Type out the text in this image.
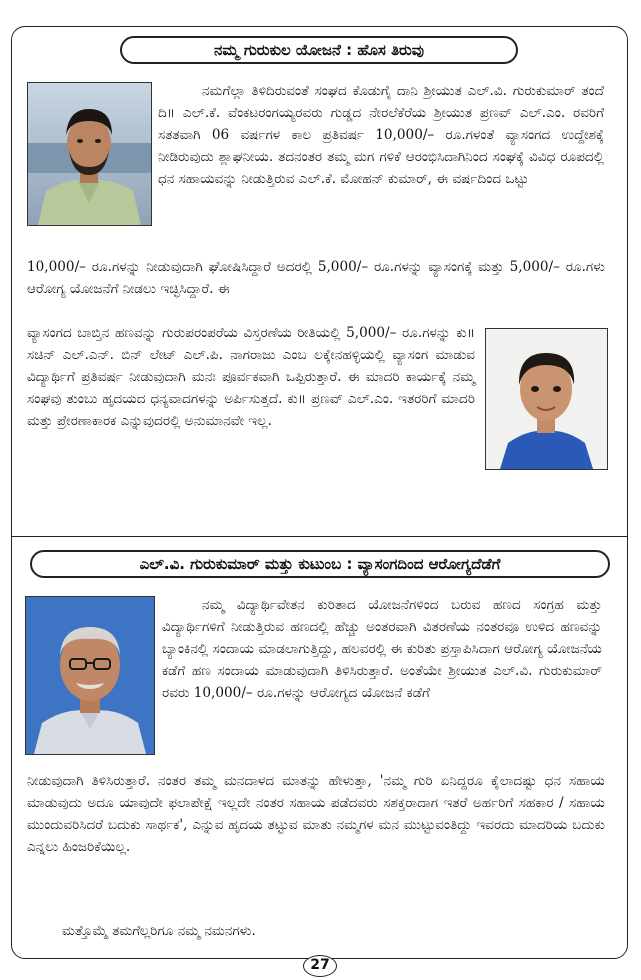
ನಮ್ಮ ಗುರುಕುಲ ಯೋಜನೆ : ಹೊಸ ತಿರುವು

ನಮಗೆಲ್ಲಾ ತಿಳಿದಿರುವಂತೆ ಸಂಘದ ಕೊಡುಗೈ ದಾನಿ ಶ್ರೀಯುತ ಎಲ್.ವಿ. ಗುರುಕುಮಾರ್ ತಂದೆ ದಿ॥ ಎಲ್.ಕೆ. ವೆಂಕಟರಂಗಯ್ಯರವರು ಗುಡ್ಡದ ನೇರಲೆಕೆರೆಯ ಶ್ರೀಯುತ ಪ್ರಣವ್ ಎಲ್.ಎಂ. ರವರಿಗೆ ಸತತವಾಗಿ 06 ವರ್ಷಗಳ ಕಾಲ ಪ್ರತಿವರ್ಷ 10,000/– ರೂ.ಗಳಂತೆ ವ್ಯಾಸಂಗದ ಉದ್ದೇಶಕ್ಕೆ ನೀಡಿರುವುದು ಶ್ಲಾಘನೀಯ. ತದನಂತರ ತಮ್ಮ ಮಗ ಗಳಿಕೆ ಆರಂಭಿಸಿದಾಗಿನಿಂದ ಸಂಘಕ್ಕೆ ವಿವಿಧ ರೂಪದಲ್ಲಿ ಧನ ಸಹಾಯವನ್ನು ನೀಡುತ್ತಿರುವ ಎಲ್.ಕೆ. ಮೋಹನ್ ಕುಮಾರ್, ಈ ವರ್ಷದಿಂದ ಒಟ್ಟು

10,000/– ರೂ.ಗಳನ್ನು ನೀಡುವುದಾಗಿ ಘೋಷಿಸಿದ್ದಾರೆ ಅದರಲ್ಲಿ 5,000/– ರೂ.ಗಳನ್ನು ವ್ಯಾಸಂಗಕ್ಕೆ ಮತ್ತು 5,000/– ರೂ.ಗಳು ಆರೋಗ್ಯ ಯೋಜನೆಗೆ ನೀಡಲು ಇಚ್ಛಿಸಿದ್ದಾರೆ. ಈ

ವ್ಯಾಸಂಗದ ಬಾಬ್ತಿನ ಹಣವನ್ನು ಗುರುಪರಂಪರೆಯ ವಿಸ್ತರಣೆಯ ರೀತಿಯಲ್ಲಿ 5,000/– ರೂ.ಗಳನ್ನು ಕು॥ ಸಚಿನ್ ಎಲ್.ಎನ್. ಬಿನ್ ಲೇಟ್ ಎಲ್.ಪಿ. ನಾಗರಾಜು ಎಂಬ ಲಕ್ಕೇನಹಳ್ಳಿಯಲ್ಲಿ ವ್ಯಾಸಂಗ ಮಾಡುವ ವಿದ್ಯಾರ್ಥಿಗೆ ಪ್ರತಿವರ್ಷ ನೀಡುವುದಾಗಿ ಮನಃ ಪೂರ್ವಕವಾಗಿ ಒಪ್ಪಿರುತ್ತಾರೆ. ಈ ಮಾದರಿ ಕಾರ್ಯಕ್ಕೆ ನಮ್ಮ ಸಂಘವು ತುಂಬು ಹೃದಯದ ಧನ್ಯವಾದಗಳನ್ನು ಅರ್ಪಿಸುತ್ತದೆ. ಕು॥ ಪ್ರಣವ್ ಎಲ್.ಎಂ. ಇತರರಿಗೆ ಮಾದರಿ ಮತ್ತು ಪ್ರೇರಣಾಕಾರಕ ಎನ್ನುವುದರಲ್ಲಿ ಅನುಮಾನವೇ ಇಲ್ಲ.

ಎಲ್.ವಿ. ಗುರುಕುಮಾರ್ ಮತ್ತು ಕುಟುಂಬ : ವ್ಯಾಸಂಗದಿಂದ ಆರೋಗ್ಯದೆಡೆಗೆ

ನಮ್ಮ ವಿದ್ಯಾರ್ಥಿವೇತನ ಕುರಿತಾದ ಯೋಜನೆಗಳಿಂದ ಬರುವ ಹಣದ ಸಂಗ್ರಹ ಮತ್ತು ವಿದ್ಯಾರ್ಥಿಗಳಿಗೆ ನೀಡುತ್ತಿರುವ ಹಣದಲ್ಲಿ ಹೆಚ್ಚು ಅಂತರವಾಗಿ ವಿತರಣೆಯ ನಂತರವೂ ಉಳಿದ ಹಣವನ್ನು ಬ್ಯಾಂಕಿನಲ್ಲಿ ಸಂದಾಯ ಮಾಡಲಾಗುತ್ತಿದ್ದು, ಹಲವರಲ್ಲಿ ಈ ಕುರಿತು ಪ್ರಸ್ತಾಪಿಸಿದಾಗ ಆರೋಗ್ಯ ಯೋಜನೆಯ ಕಡೆಗೆ ಹಣ ಸಂದಾಯ ಮಾಡುವುದಾಗಿ ತಿಳಿಸಿರುತ್ತಾರೆ. ಅಂತೆಯೇ ಶ್ರೀಯುತ ಎಲ್.ವಿ. ಗುರುಕುಮಾರ್ ರವರು 10,000/– ರೂ.ಗಳನ್ನು ಆರೋಗ್ಯದ ಯೋಜನೆ ಕಡೆಗೆ

ನೀಡುವುದಾಗಿ ತಿಳಿಸಿರುತ್ತಾರೆ. ನಂತರ ತಮ್ಮ ಮನದಾಳದ ಮಾತನ್ನು ಹೇಳುತ್ತಾ, 'ನಮ್ಮ ಗುರಿ ಏನಿದ್ದರೂ ಕೈಲಾದಷ್ಟು ಧನ ಸಹಾಯ ಮಾಡುವುದು ಅದೂ ಯಾವುದೇ ಫಲಾಪೇಕ್ಷೆ ಇಲ್ಲದೇ ನಂತರ ಸಹಾಯ ಪಡೆದವರು ಸಶಕ್ತರಾದಾಗ ಇತರೆ ಅರ್ಹರಿಗೆ ಸಹಕಾರ / ಸಹಾಯ ಮುಂದುವರಿಸಿದರೆ ಬದುಕು ಸಾರ್ಥಕ', ಎನ್ನುವ ಹೃದಯ ತಟ್ಟುವ ಮಾತು ನಮ್ಮಗಳ ಮನ ಮುಟ್ಟುವಂತಿದ್ದು ಇವರದು ಮಾದರಿಯ ಬದುಕು ಎನ್ನಲು ಹಿಂಜರಿಕೆಯಿಲ್ಲ.

ಮತ್ತೊಮ್ಮೆ ತಮಗೆಲ್ಲರಿಗೂ ನಮ್ಮ ನಮನಗಳು.

27
